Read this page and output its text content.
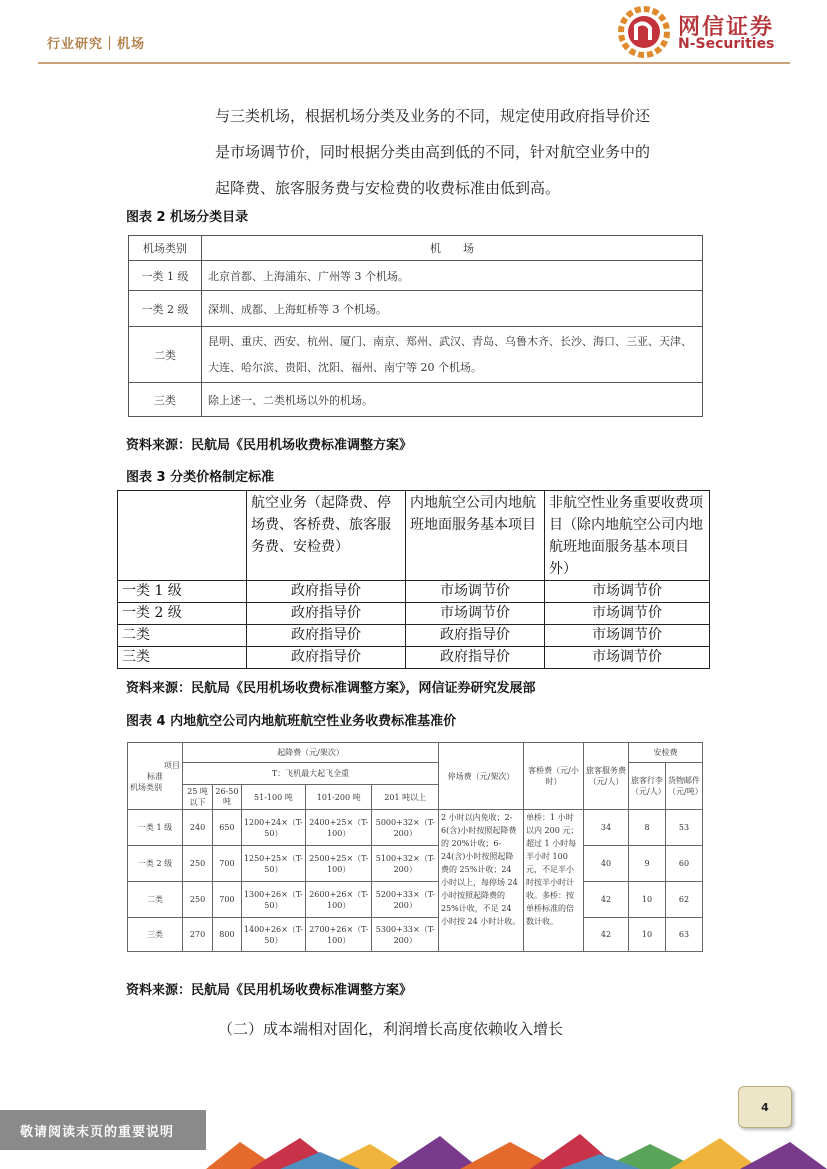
行业研究｜机场
网信证券
N-Securities
与三类机场，根据机场分类及业务的不同，规定使用政府指导价还
是市场调节价，同时根据分类由高到低的不同，针对航空业务中的
起降费、旅客服务费与安检费的收费标准由低到高。
图表 2 机场分类目录
机场类别	机　　场
一类 1 级	北京首都、上海浦东、广州等 3 个机场。
一类 2 级	深圳、成都、上海虹桥等 3 个机场。
二类	昆明、重庆、西安、杭州、厦门、南京、郑州、武汉、青岛、乌鲁木齐、长沙、海口、三亚、天津、大连、哈尔滨、贵阳、沈阳、福州、南宁等 20 个机场。
三类	除上述一、二类机场以外的机场。
资料来源：民航局《民用机场收费标准调整方案》
图表 3 分类价格制定标准
	航空业务（起降费、停场费、客桥费、旅客服务费、安检费）	内地航空公司内地航班地面服务基本项目	非航空性业务重要收费项目（除内地航空公司内地航班地面服务基本项目外）
一类 1 级	政府指导价	市场调节价	市场调节价
一类 2 级	政府指导价	市场调节价	市场调节价
二类	政府指导价	政府指导价	市场调节价
三类	政府指导价	政府指导价	市场调节价
资料来源：民航局《民用机场收费标准调整方案》，网信证券研究发展部
图表 4 内地航空公司内地航班航空性业务收费标准基准价
项目
标准
机场类别	起降费（元/架次）					停场费（元/架次）	客桥费（元/小时）	旅客服务费（元/人）	安检费	
	T：飞机最大起飞全重								旅客行李（元/人）	货物邮件（元/吨）
	25 吨以下	26-50 吨	51-100 吨	101-200 吨	201 吨以上					
一类 1 级	240	650	1200+24×（T-50）	2400+25×（T-100）	5000+32×（T-200）	2 小时以内免收；2-6(含)小时按照起降费的 20%计收；6-24(含)小时按照起降费的 25%计收；24 小时以上，每停场 24 小时按照起降费的 25%计收，不足 24 小时按 24 小时计收。	单桥：1 小时以内 200 元；超过 1 小时每半小时 100 元，不足半小时按半小时计收。多桥：按单桥标准的倍数计收。	34	8	53
一类 2 级	250	700	1250+25×（T-50）	2500+25×（T-100）	5100+32×（T-200）			40	9	60
二类	250	700	1300+26×（T-50）	2600+26×（T-100）	5200+33×（T-200）			42	10	62
三类	270	800	1400+26×（T-50）	2700+26×（T-100）	5300+33×（T-200）			42	10	63
资料来源：民航局《民用机场收费标准调整方案》
（二）成本端相对固化，利润增长高度依赖收入增长
敬请阅读末页的重要说明
4
